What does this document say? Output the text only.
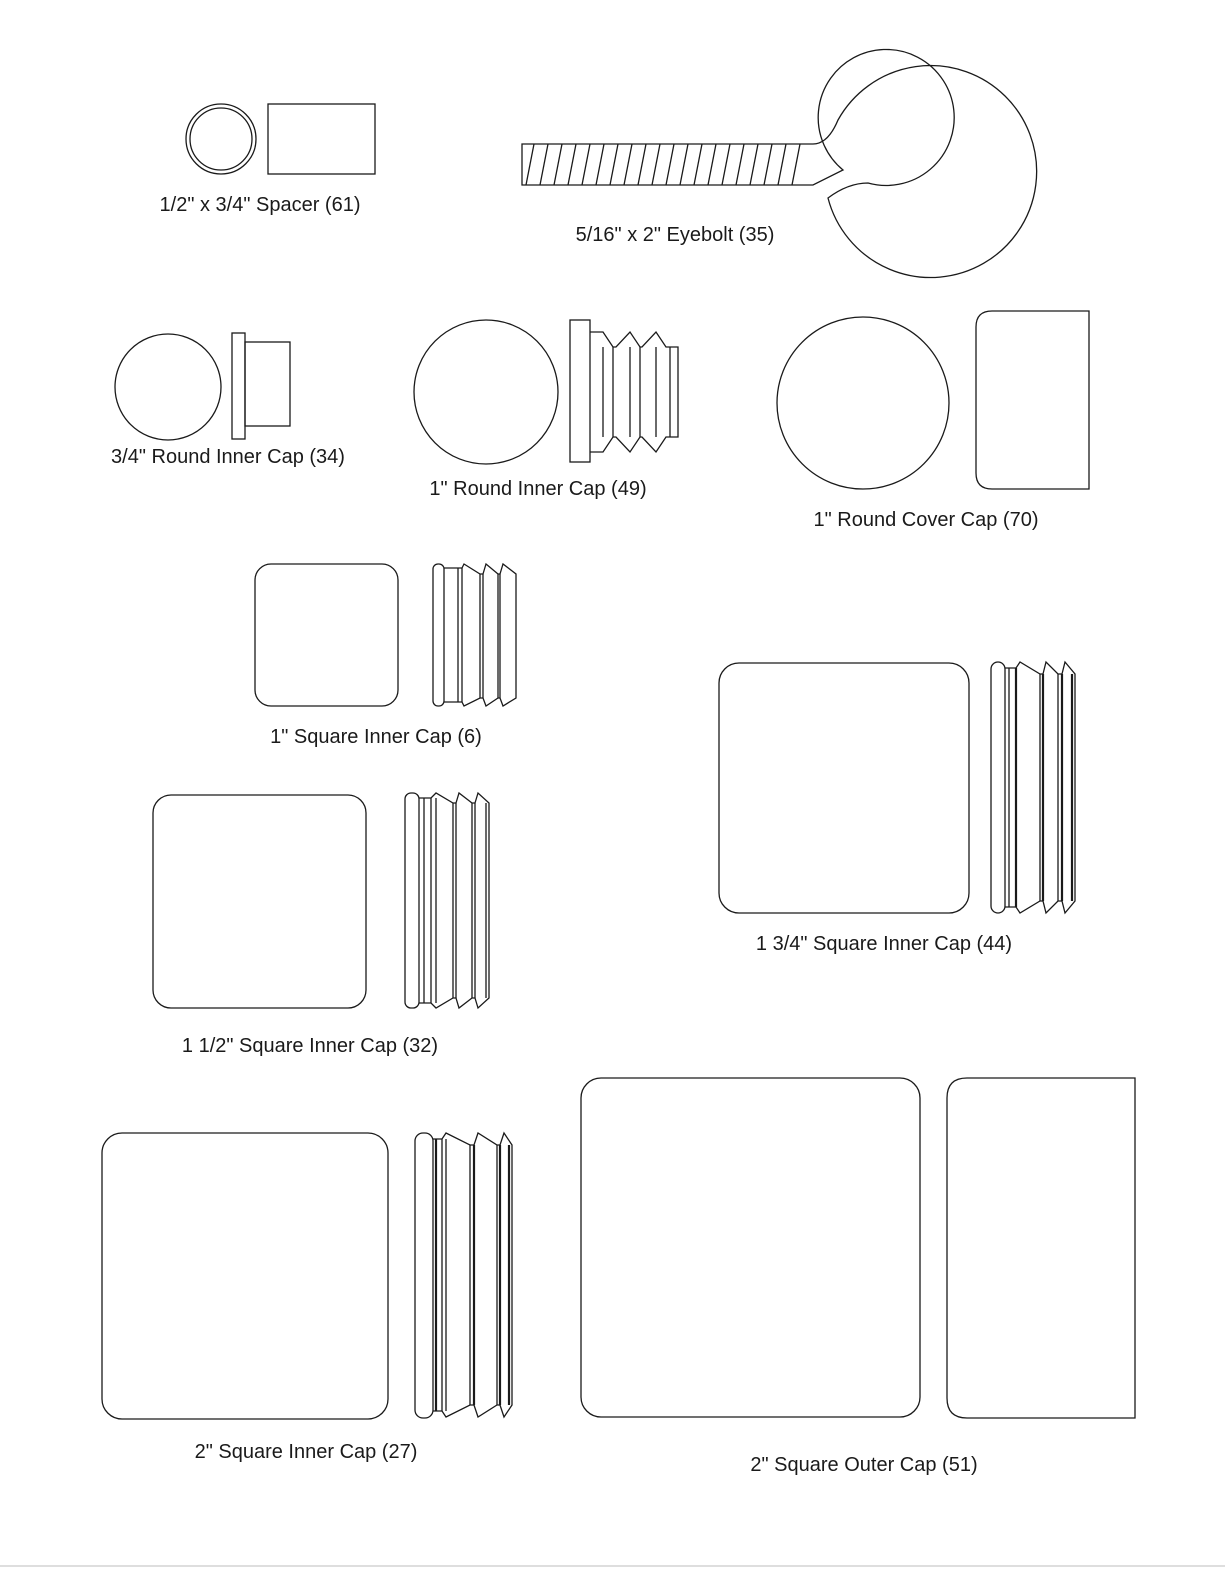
1/2" x 3/4" Spacer (61)
5/16" x 2" Eyebolt (35)
3/4" Round Inner Cap (34)
1" Round Inner Cap (49)
1" Round Cover Cap (70)
1" Square Inner Cap (6)
1 3/4" Square Inner Cap (44)
1 1/2" Square Inner Cap (32)
2" Square Inner Cap (27)
2" Square Outer Cap (51)
